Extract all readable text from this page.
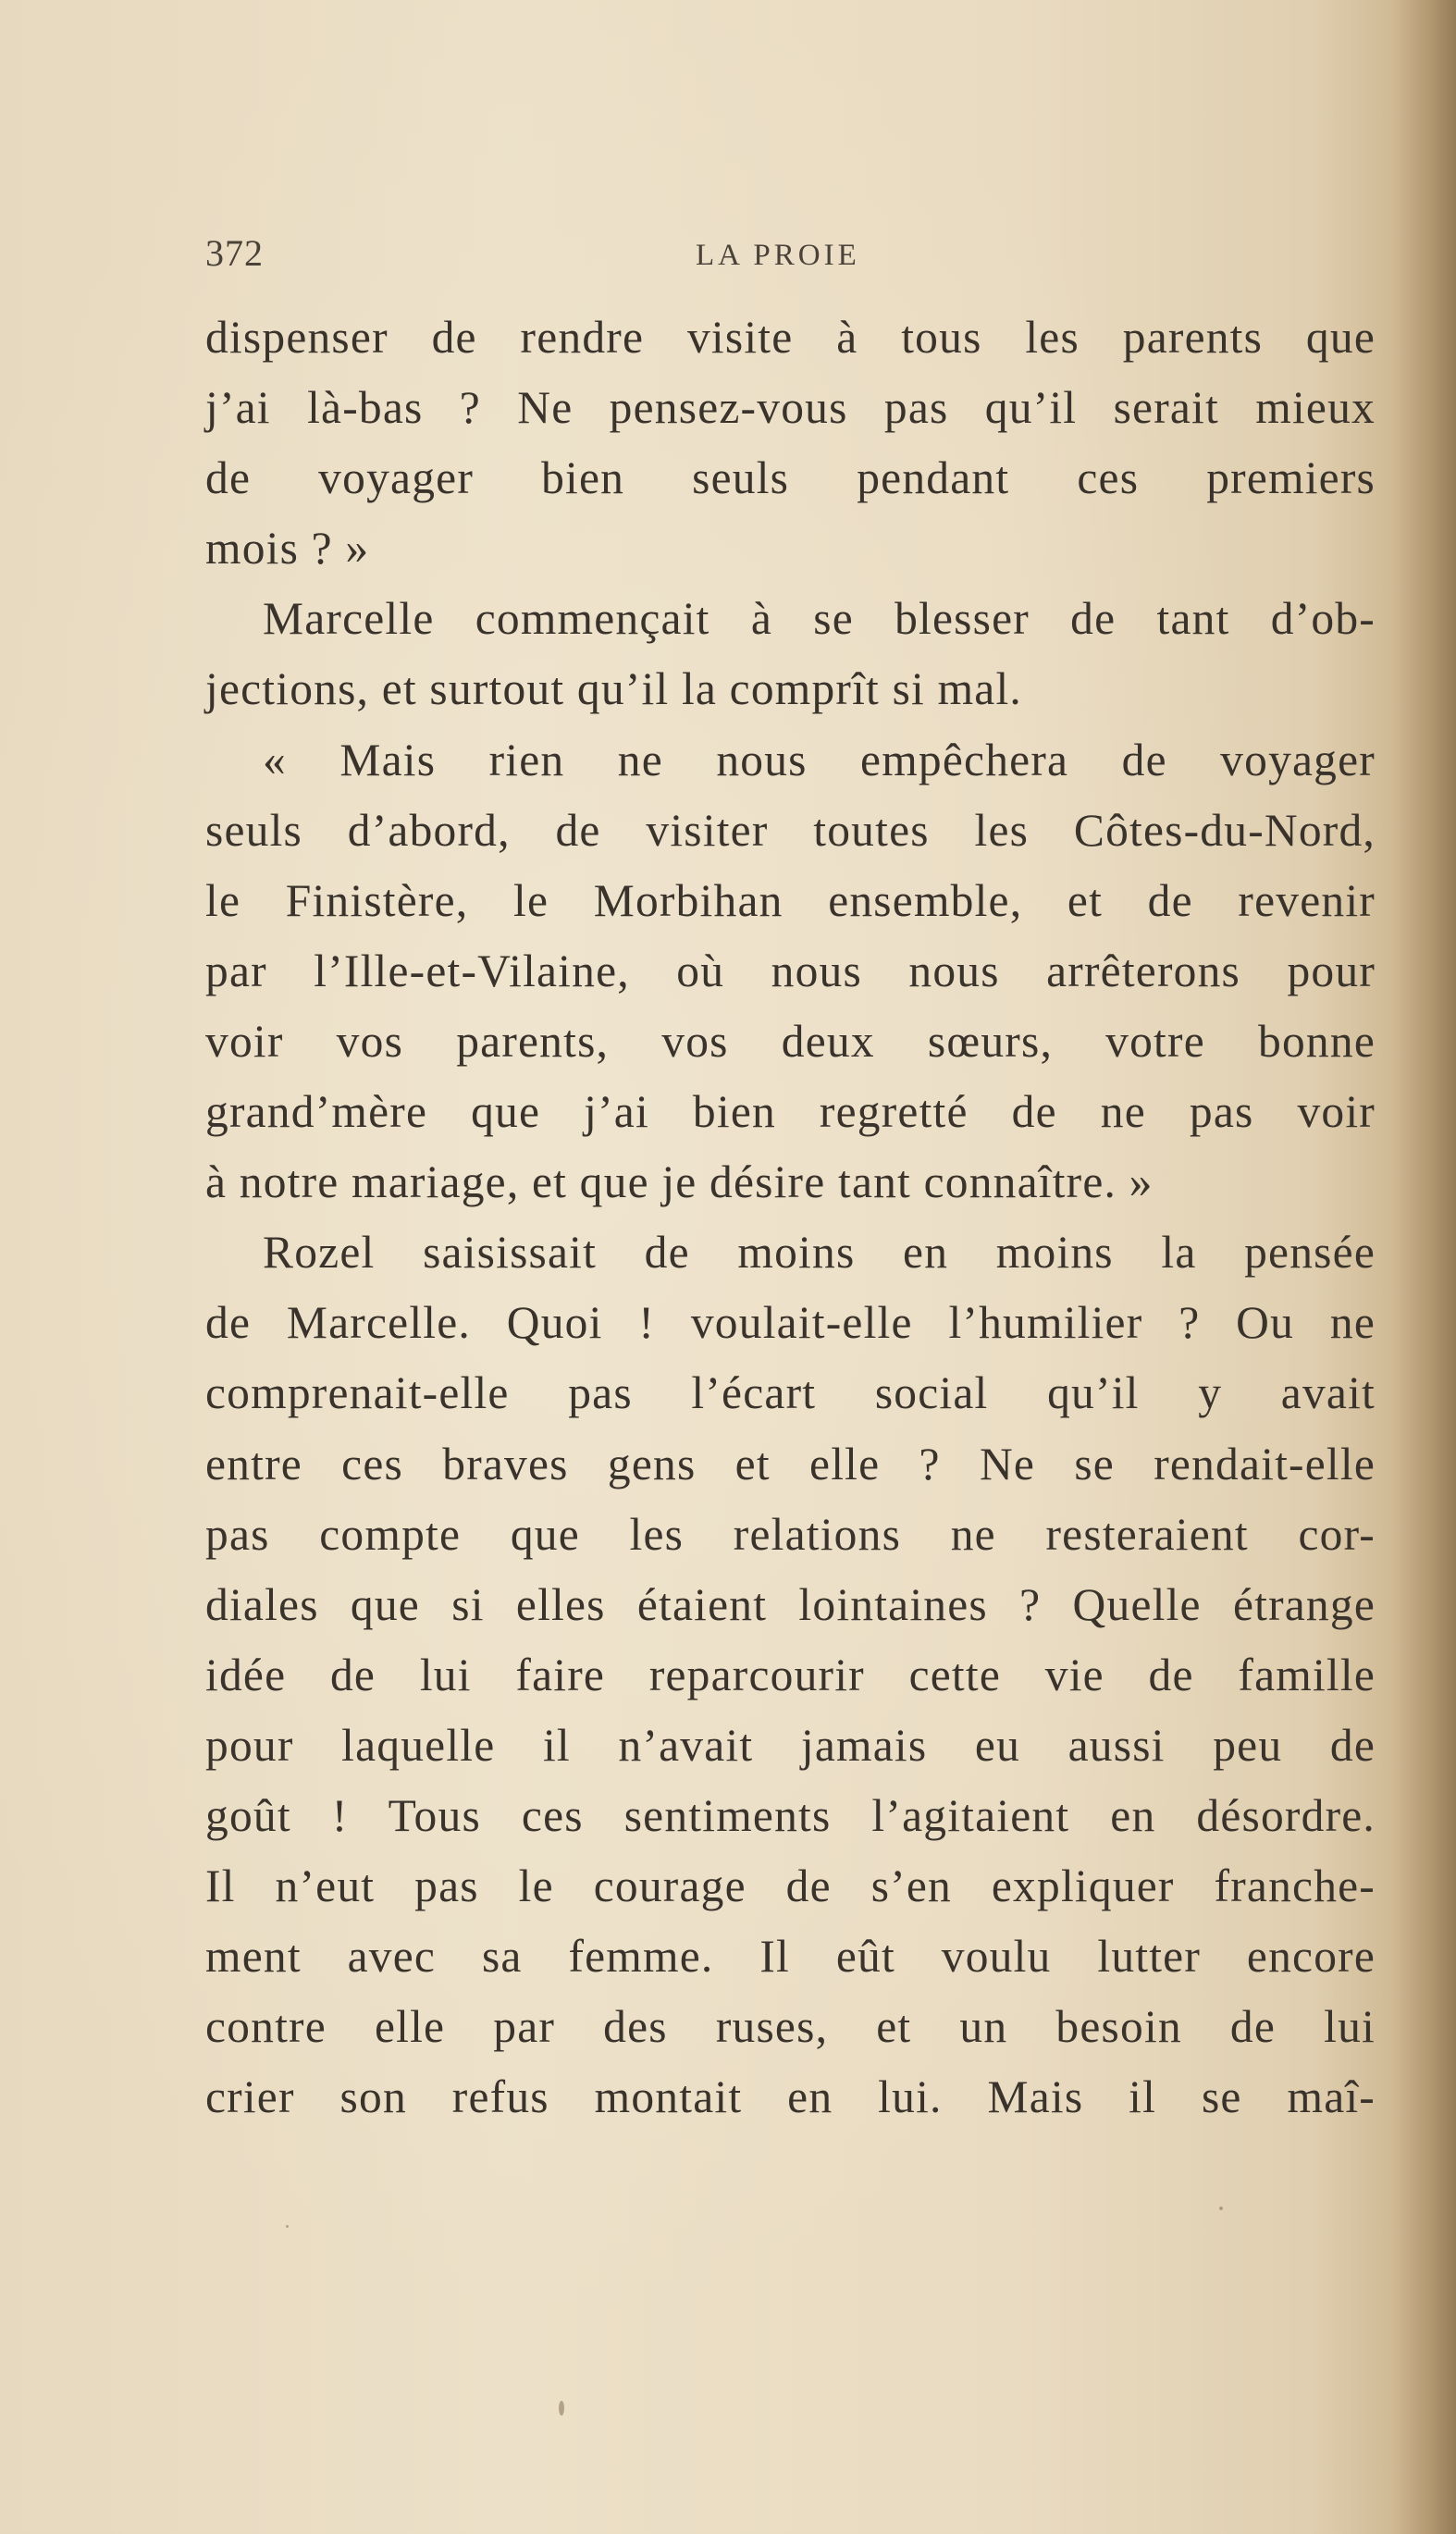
372	LA PROIE
dispenser de rendre visite à tous les parents que
j’ai là-bas ? Ne pensez-vous pas qu’il serait mieux
de voyager bien seuls pendant ces premiers
mois ? »
Marcelle commençait à se blesser de tant d’ob-
jections, et surtout qu’il la comprît si mal.
« Mais rien ne nous empêchera de voyager
seuls d’abord, de visiter toutes les Côtes-du-Nord,
le Finistère, le Morbihan ensemble, et de revenir
par l’Ille-et-Vilaine, où nous nous arrêterons pour
voir vos parents, vos deux sœurs, votre bonne
grand’mère que j’ai bien regretté de ne pas voir
à notre mariage, et que je désire tant connaître. »
Rozel saisissait de moins en moins la pensée
de Marcelle. Quoi ! voulait-elle l’humilier ? Ou ne
comprenait-elle pas l’écart social qu’il y avait
entre ces braves gens et elle ? Ne se rendait-elle
pas compte que les relations ne resteraient cor-
diales que si elles étaient lointaines ? Quelle étrange
idée de lui faire reparcourir cette vie de famille
pour laquelle il n’avait jamais eu aussi peu de
goût ! Tous ces sentiments l’agitaient en désordre.
Il n’eut pas le courage de s’en expliquer franche-
ment avec sa femme. Il eût voulu lutter encore
contre elle par des ruses, et un besoin de lui
crier son refus montait en lui. Mais il se maî-
